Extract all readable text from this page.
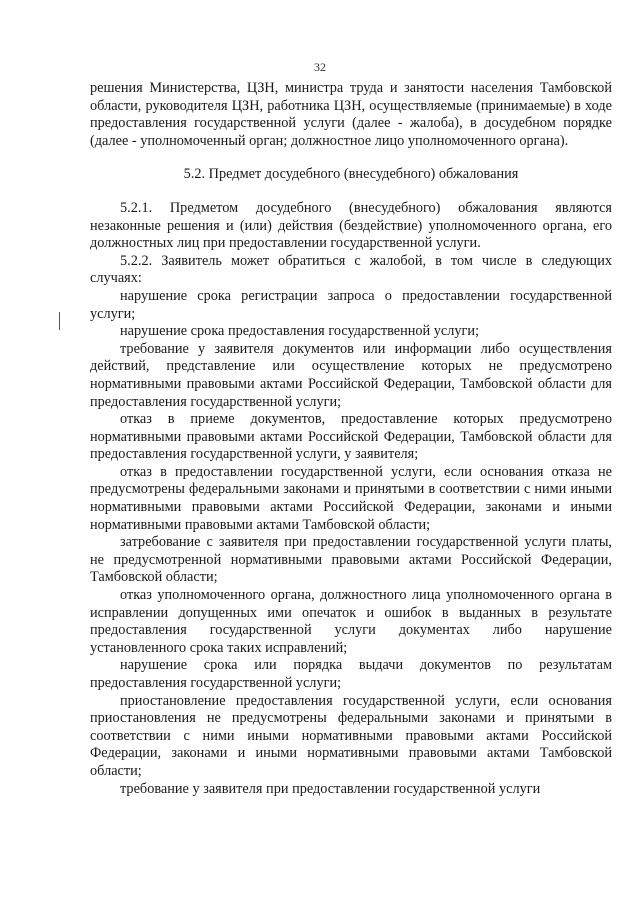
32

решения Министерства, ЦЗН, министра труда и занятости населения Тамбовской области, руководителя ЦЗН, работника ЦЗН, осуществляемые (принимаемые) в ходе предоставления государственной услуги (далее - жалоба), в досудебном порядке (далее - уполномоченный орган; должностное лицо уполномоченного органа).

5.2. Предмет досудебного (внесудебного) обжалования

5.2.1. Предметом досудебного (внесудебного) обжалования являются незаконные решения и (или) действия (бездействие) уполномоченного органа, его должностных лиц при предоставлении государственной услуги.

5.2.2. Заявитель может обратиться с жалобой, в том числе в следующих случаях:

нарушение срока регистрации запроса о предоставлении государственной услуги;

нарушение срока предоставления государственной услуги;

требование у заявителя документов или информации либо осуществления действий, представление или осуществление которых не предусмотрено нормативными правовыми актами Российской Федерации, Тамбовской области для предоставления государственной услуги;

отказ в приеме документов, предоставление которых предусмотрено нормативными правовыми актами Российской Федерации, Тамбовской области для предоставления государственной услуги, у заявителя;

отказ в предоставлении государственной услуги, если основания отказа не предусмотрены федеральными законами и принятыми в соответствии с ними иными нормативными правовыми актами Российской Федерации, законами и иными нормативными правовыми актами Тамбовской области;

затребование с заявителя при предоставлении государственной услуги платы, не предусмотренной нормативными правовыми актами Российской Федерации, Тамбовской области;

отказ уполномоченного органа, должностного лица уполномоченного органа в исправлении допущенных ими опечаток и ошибок в выданных в результате предоставления государственной услуги документах либо нарушение установленного срока таких исправлений;

нарушение срока или порядка выдачи документов по результатам предоставления государственной услуги;

приостановление предоставления государственной услуги, если основания приостановления не предусмотрены федеральными законами и принятыми в соответствии с ними иными нормативными правовыми актами Российской Федерации, законами и иными нормативными правовыми актами Тамбовской области;

требование у заявителя при предоставлении государственной услуги
